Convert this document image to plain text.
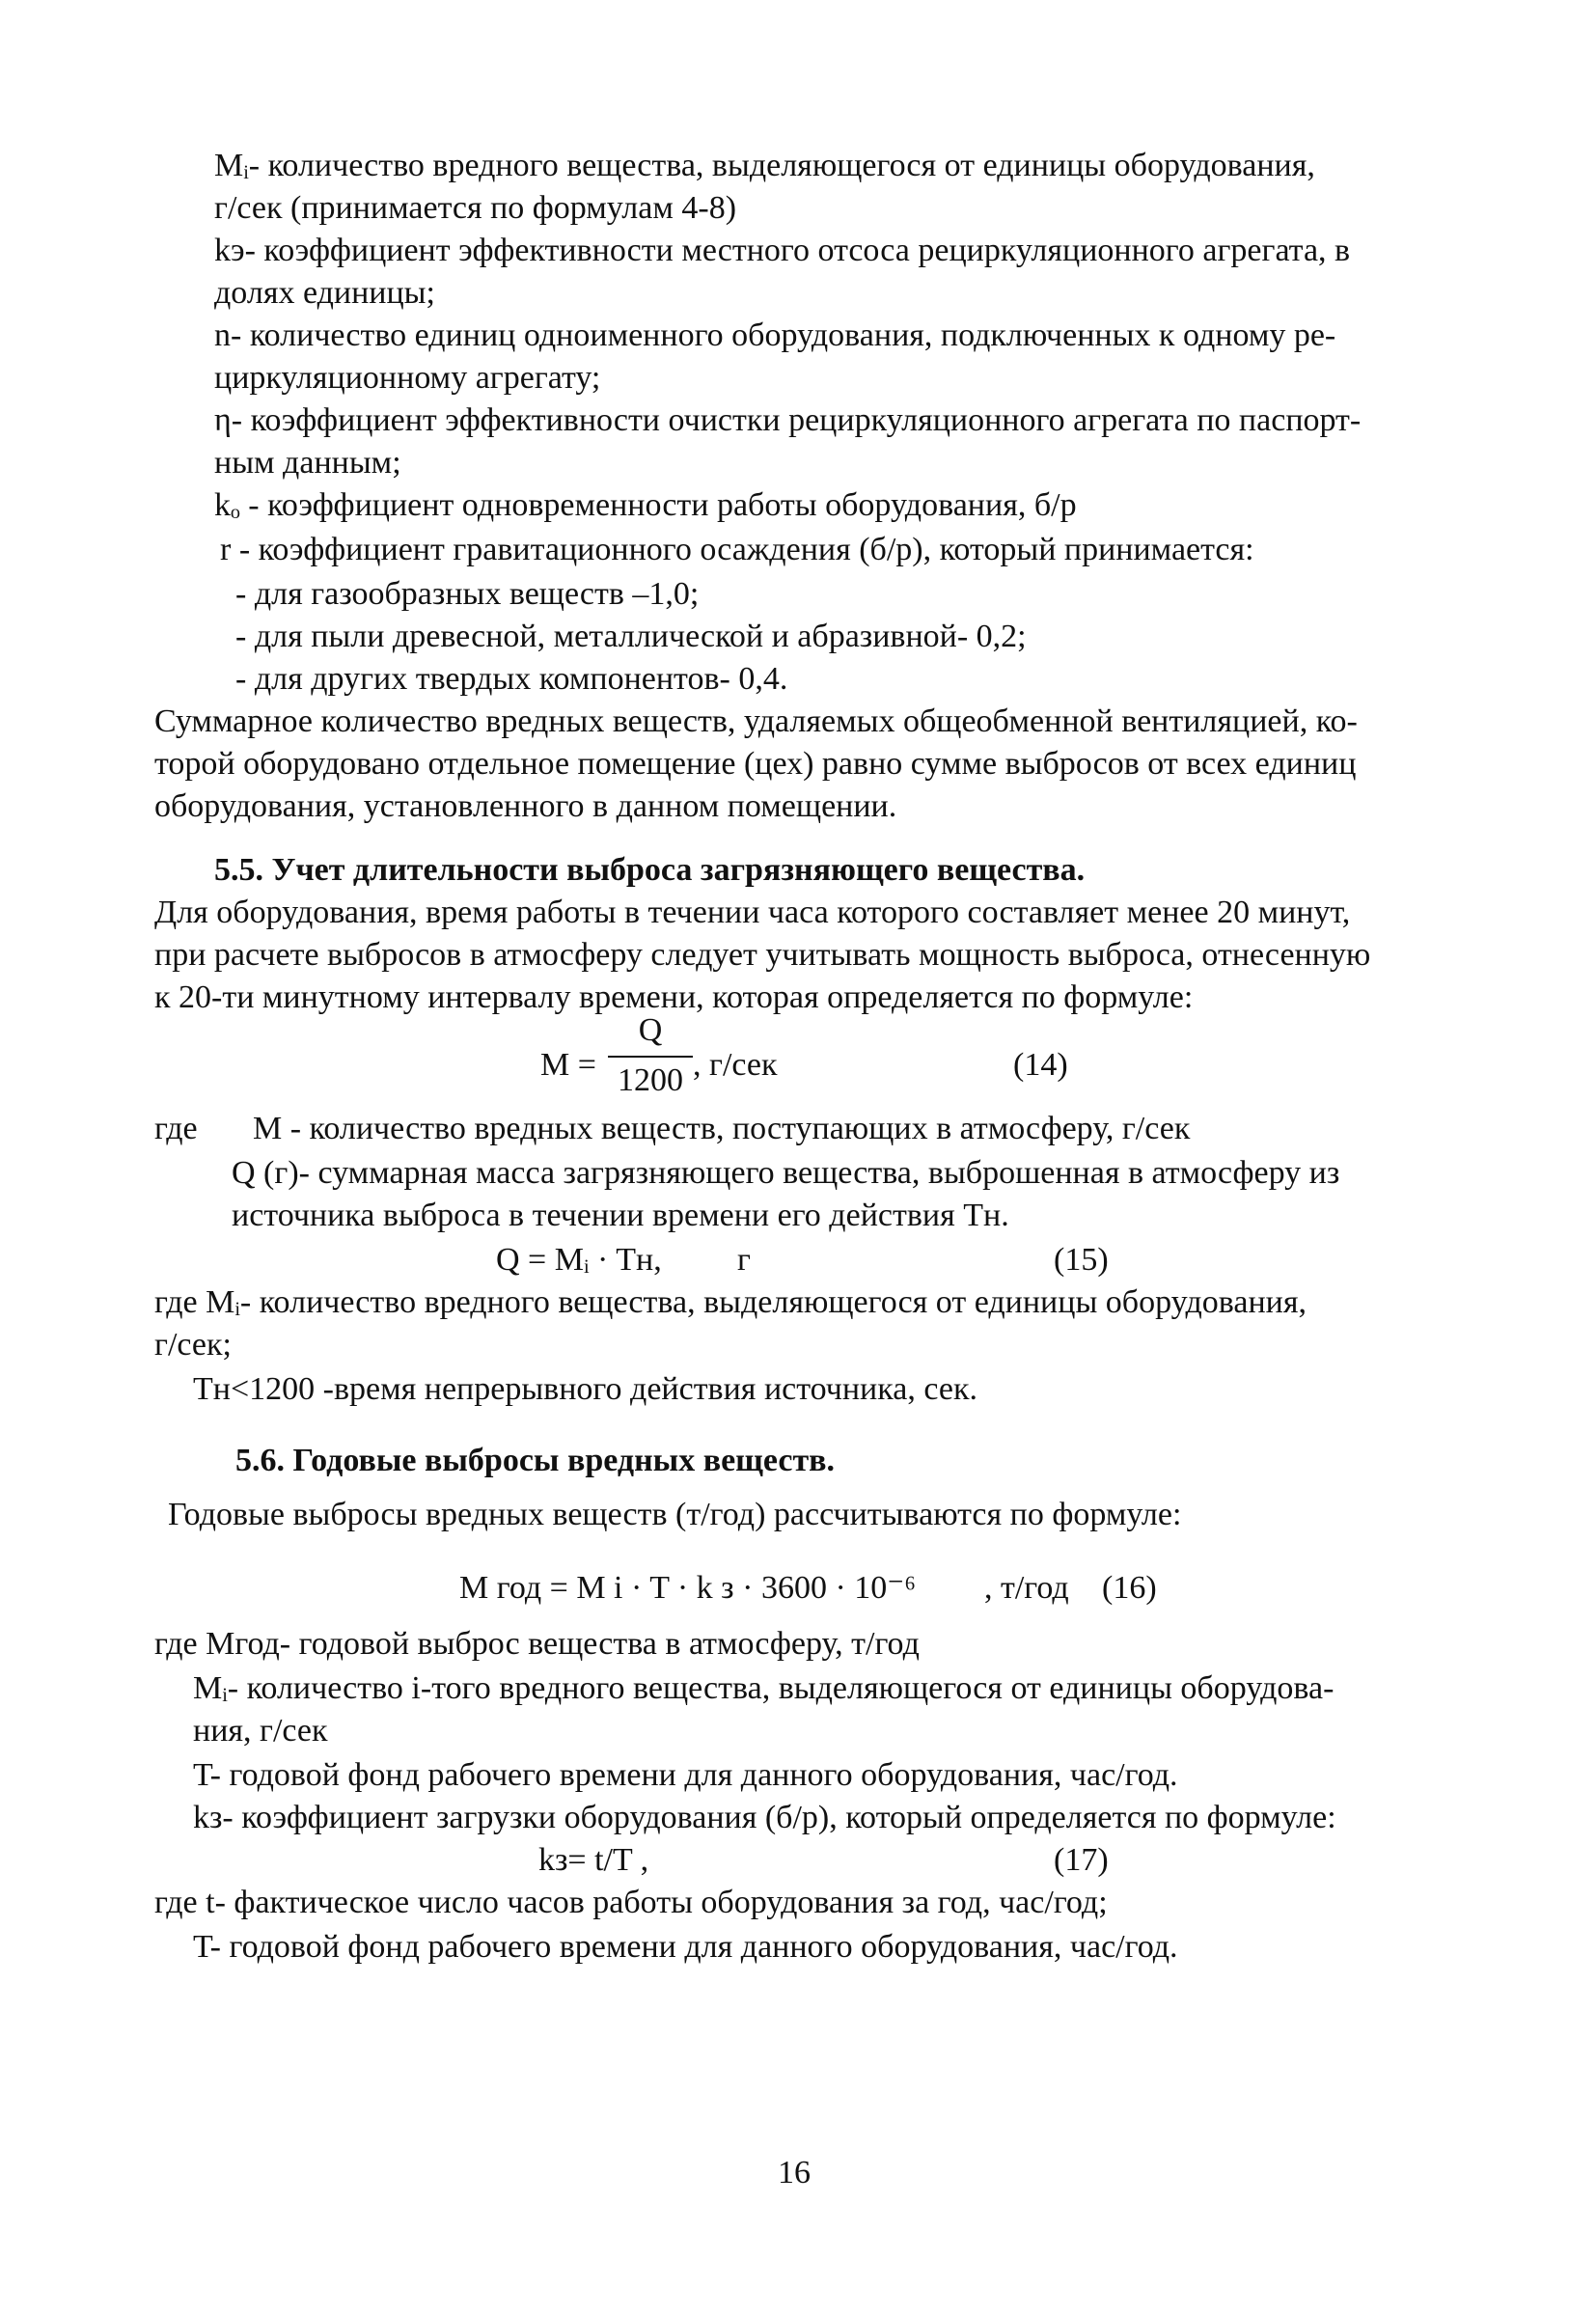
Mᵢ- количество вредного вещества, выделяющегося от единицы оборудования,
г/сек (принимается по формулам 4-8)
kэ- коэффициент эффективности местного отсоса рециркуляционного агрегата, в
долях единицы;
n- количество единиц одноименного оборудования, подключенных к одному ре-
циркуляционному агрегату;
η- коэффициент эффективности очистки рециркуляционного агрегата по паспорт-
ным данным;
kₒ - коэффициент одновременности работы оборудования, б/р
r - коэффициент гравитационного осаждения (б/р), который принимается:
- для газообразных веществ –1,0;
- для пыли древесной, металлической и абразивной- 0,2;
- для других твердых компонентов- 0,4.
Суммарное количество вредных веществ, удаляемых общеобменной вентиляцией, ко-
торой оборудовано отдельное помещение (цех) равно сумме выбросов от всех единиц
оборудования, установленного в данном помещении.
5.5. Учет длительности выброса загрязняющего вещества.
Для оборудования, время работы в течении часа которого составляет менее 20 минут,
при расчете выбросов в атмосферу следует учитывать мощность выброса, отнесенную
к 20-ти минутному интервалу времени, которая определяется по формуле:
M =
Q
1200 , г/сек	(14)
где M - количество вредных веществ, поступающих в атмосферу, г/сек
Q (г)- суммарная масса загрязняющего вещества, выброшенная в атмосферу из
источника выброса в течении времени его действия Tн.
Q = Mᵢ · Tн, г	(15)
где Mᵢ- количество вредного вещества, выделяющегося от единицы оборудования,
г/сек;
Tн<1200 -время непрерывного действия источника, сек.
5.6. Годовые выбросы вредных веществ.
Годовые выбросы вредных веществ (т/год) рассчитываются по формуле:
M год = M i · T · k з · 3600 · 10⁻⁶ , т/год (16)
где Mгод- годовой выброс вещества в атмосферу, т/год
Mᵢ- количество i-того вредного вещества, выделяющегося от единицы оборудова-
ния, г/сек
T- годовой фонд рабочего времени для данного оборудования, час/год.
kз- коэффициент загрузки оборудования (б/р), который определяется по формуле:
kз= t/T ,	(17)
где t- фактическое число часов работы оборудования за год, час/год;
T- годовой фонд рабочего времени для данного оборудования, час/год.
16
